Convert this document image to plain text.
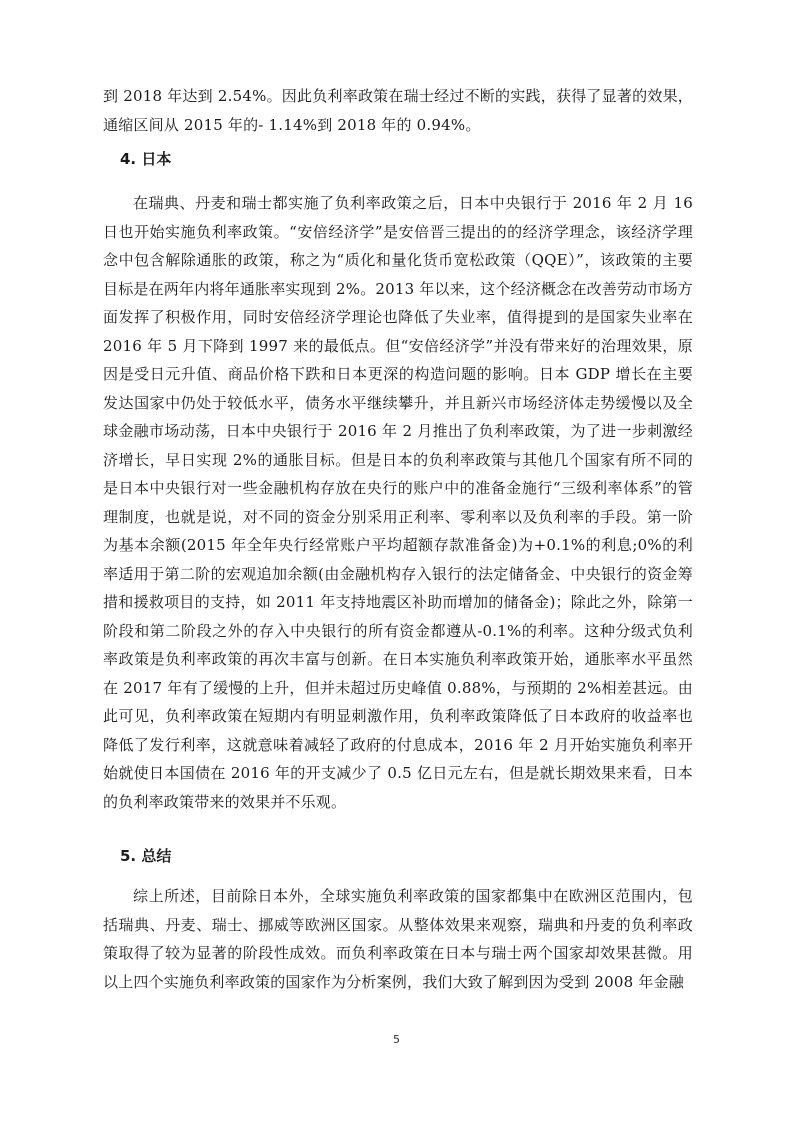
到 2018 年达到 2.54%。因此负利率政策在瑞士经过不断的实践，获得了显著的效果，通缩区间从 2015 年的- 1.14%到 2018 年的 0.94%。

4. 日本

在瑞典、丹麦和瑞士都实施了负利率政策之后，日本中央银行于 2016 年 2 月 16 日也开始实施负利率政策。“安倍经济学”是安倍晋三提出的的经济学理念，该经济学理念中包含解除通胀的政策，称之为“质化和量化货币宽松政策（QQE）”，该政策的主要目标是在两年内将年通胀率实现到 2%。2013 年以来，这个经济概念在改善劳动市场方面发挥了积极作用，同时安倍经济学理论也降低了失业率，值得提到的是国家失业率在 2016 年 5 月下降到 1997 来的最低点。但“安倍经济学”并没有带来好的治理效果，原因是受日元升值、商品价格下跌和日本更深的构造问题的影响。日本 GDP 增长在主要发达国家中仍处于较低水平，债务水平继续攀升，并且新兴市场经济体走势缓慢以及全球金融市场动荡，日本中央银行于 2016 年 2 月推出了负利率政策，为了进一步刺激经济增长，早日实现 2%的通胀目标。但是日本的负利率政策与其他几个国家有所不同的是日本中央银行对一些金融机构存放在央行的账户中的准备金施行“三级利率体系”的管理制度，也就是说，对不同的资金分别采用正利率、零利率以及负利率的手段。第一阶为基本余额(2015 年全年央行经常账户平均超额存款准备金)为+0.1%的利息;0%的利率适用于第二阶的宏观追加余额(由金融机构存入银行的法定储备金、中央银行的资金筹措和援救项目的支持，如 2011 年支持地震区补助而增加的储备金)；除此之外，除第一阶段和第二阶段之外的存入中央银行的所有资金都遵从-0.1%的利率。这种分级式负利率政策是负利率政策的再次丰富与创新。在日本实施负利率政策开始，通胀率水平虽然在 2017 年有了缓慢的上升，但并未超过历史峰值 0.88%，与预期的 2%相差甚远。由此可见，负利率政策在短期内有明显刺激作用，负利率政策降低了日本政府的收益率也降低了发行利率，这就意味着减轻了政府的付息成本，2016 年 2 月开始实施负利率开始就使日本国债在 2016 年的开支减少了 0.5 亿日元左右，但是就长期效果来看，日本的负利率政策带来的效果并不乐观。

5. 总结

综上所述，目前除日本外，全球实施负利率政策的国家都集中在欧洲区范围内，包括瑞典、丹麦、瑞士、挪威等欧洲区国家。从整体效果来观察，瑞典和丹麦的负利率政策取得了较为显著的阶段性成效。而负利率政策在日本与瑞士两个国家却效果甚微。用以上四个实施负利率政策的国家作为分析案例，我们大致了解到因为受到 2008 年金融

5
